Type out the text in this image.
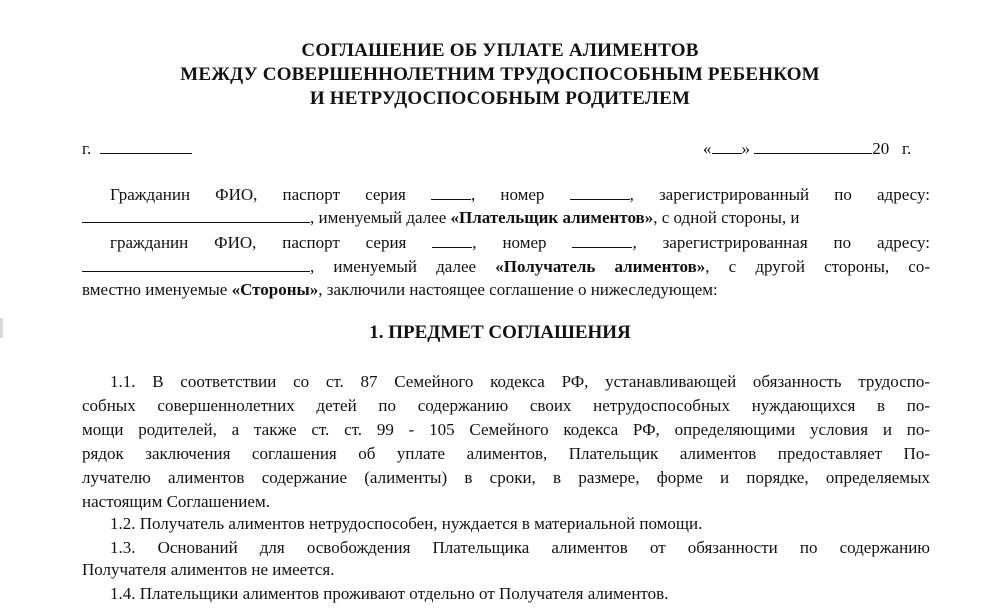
СОГЛАШЕНИЕ ОБ УПЛАТЕ АЛИМЕНТОВ
МЕЖДУ СОВЕРШЕННОЛЕТНИМ ТРУДОСПОСОБНЫМ РЕБЕНКОМ
И НЕТРУДОСПОСОБНЫМ РОДИТЕЛЕМ
г.	« »	20 г.
Гражданин ФИО, паспорт серия	, номер	, зарегистрированный по адресу:
, именуемый далее «Плательщик алиментов», с одной стороны, и
гражданин ФИО, паспорт серия	, номер	, зарегистрированная по адресу:
, именуемый далее «Получатель алиментов», с другой стороны, со-
вместно именуемые «Стороны», заключили настоящее соглашение о нижеследующем:
1. ПРЕДМЕТ СОГЛАШЕНИЯ
1.1. В соответствии со ст. 87 Семейного кодекса РФ, устанавливающей обязанность трудоспо-
собных совершеннолетних детей по содержанию своих нетрудоспособных нуждающихся в по-
мощи родителей, а также ст. ст. 99 - 105 Семейного кодекса РФ, определяющими условия и по-
рядок заключения соглашения об уплате алиментов, Плательщик алиментов предоставляет По-
лучателю алиментов содержание (алименты) в сроки, в размере, форме и порядке, определяемых
настоящим Соглашением.
1.2. Получатель алиментов нетрудоспособен, нуждается в материальной помощи.
1.3. Оснований для освобождения Плательщика алиментов от обязанности по содержанию
Получателя алиментов не имеется.
1.4. Плательщики алиментов проживают отдельно от Получателя алиментов.
